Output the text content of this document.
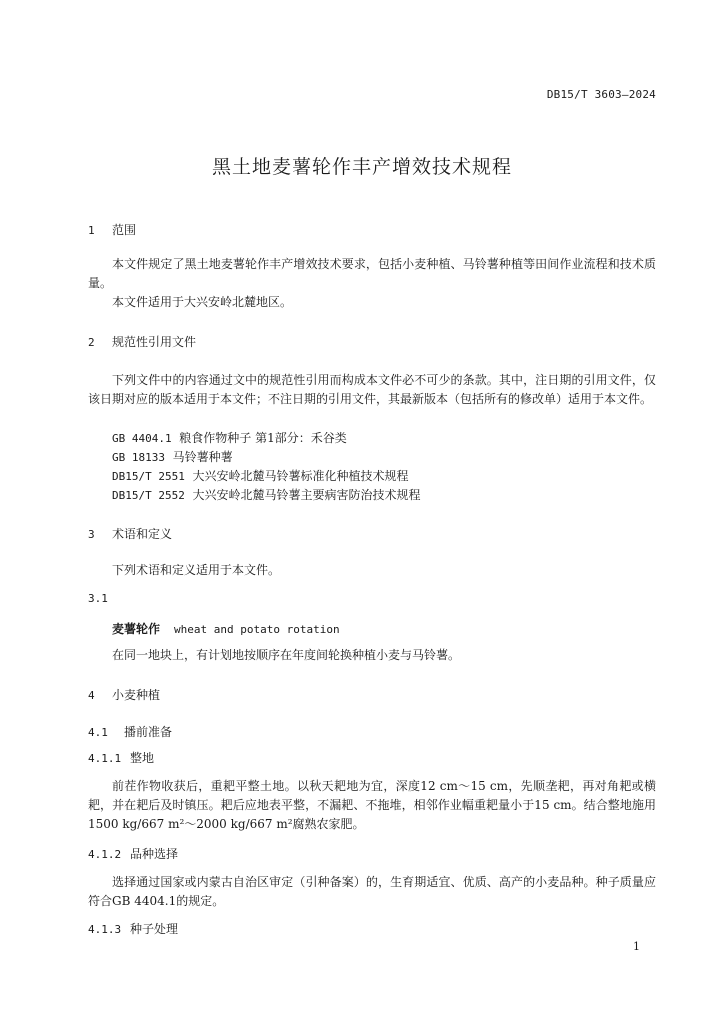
DB15/T 3603—2024
黑土地麦薯轮作丰产增效技术规程
1 范围
本文件规定了黑土地麦薯轮作丰产增效技术要求，包括小麦种植、马铃薯种植等田间作业流程和技术质量。
本文件适用于大兴安岭北麓地区。
2 规范性引用文件
下列文件中的内容通过文中的规范性引用而构成本文件必不可少的条款。其中，注日期的引用文件，仅该日期对应的版本适用于本文件；不注日期的引用文件，其最新版本（包括所有的修改单）适用于本文件。
GB 4404.1 粮食作物种子 第1部分：禾谷类
GB 18133 马铃薯种薯
DB15/T 2551 大兴安岭北麓马铃薯标准化种植技术规程
DB15/T 2552 大兴安岭北麓马铃薯主要病害防治技术规程
3 术语和定义
下列术语和定义适用于本文件。
3.1
麦薯轮作 wheat and potato rotation
在同一地块上，有计划地按顺序在年度间轮换种植小麦与马铃薯。
4 小麦种植
4.1 播前准备
4.1.1 整地
前茬作物收获后，重耙平整土地。以秋天耙地为宜，深度12 cm～15 cm，先顺垄耙，再对角耙或横耙，并在耙后及时镇压。耙后应地表平整，不漏耙、不拖堆，相邻作业幅重耙量小于15 cm。结合整地施用1500 kg/667 m²～2000 kg/667 m²腐熟农家肥。
4.1.2 品种选择
选择通过国家或内蒙古自治区审定（引种备案）的，生育期适宜、优质、高产的小麦品种。种子质量应符合GB 4404.1的规定。
4.1.3 种子处理
1
